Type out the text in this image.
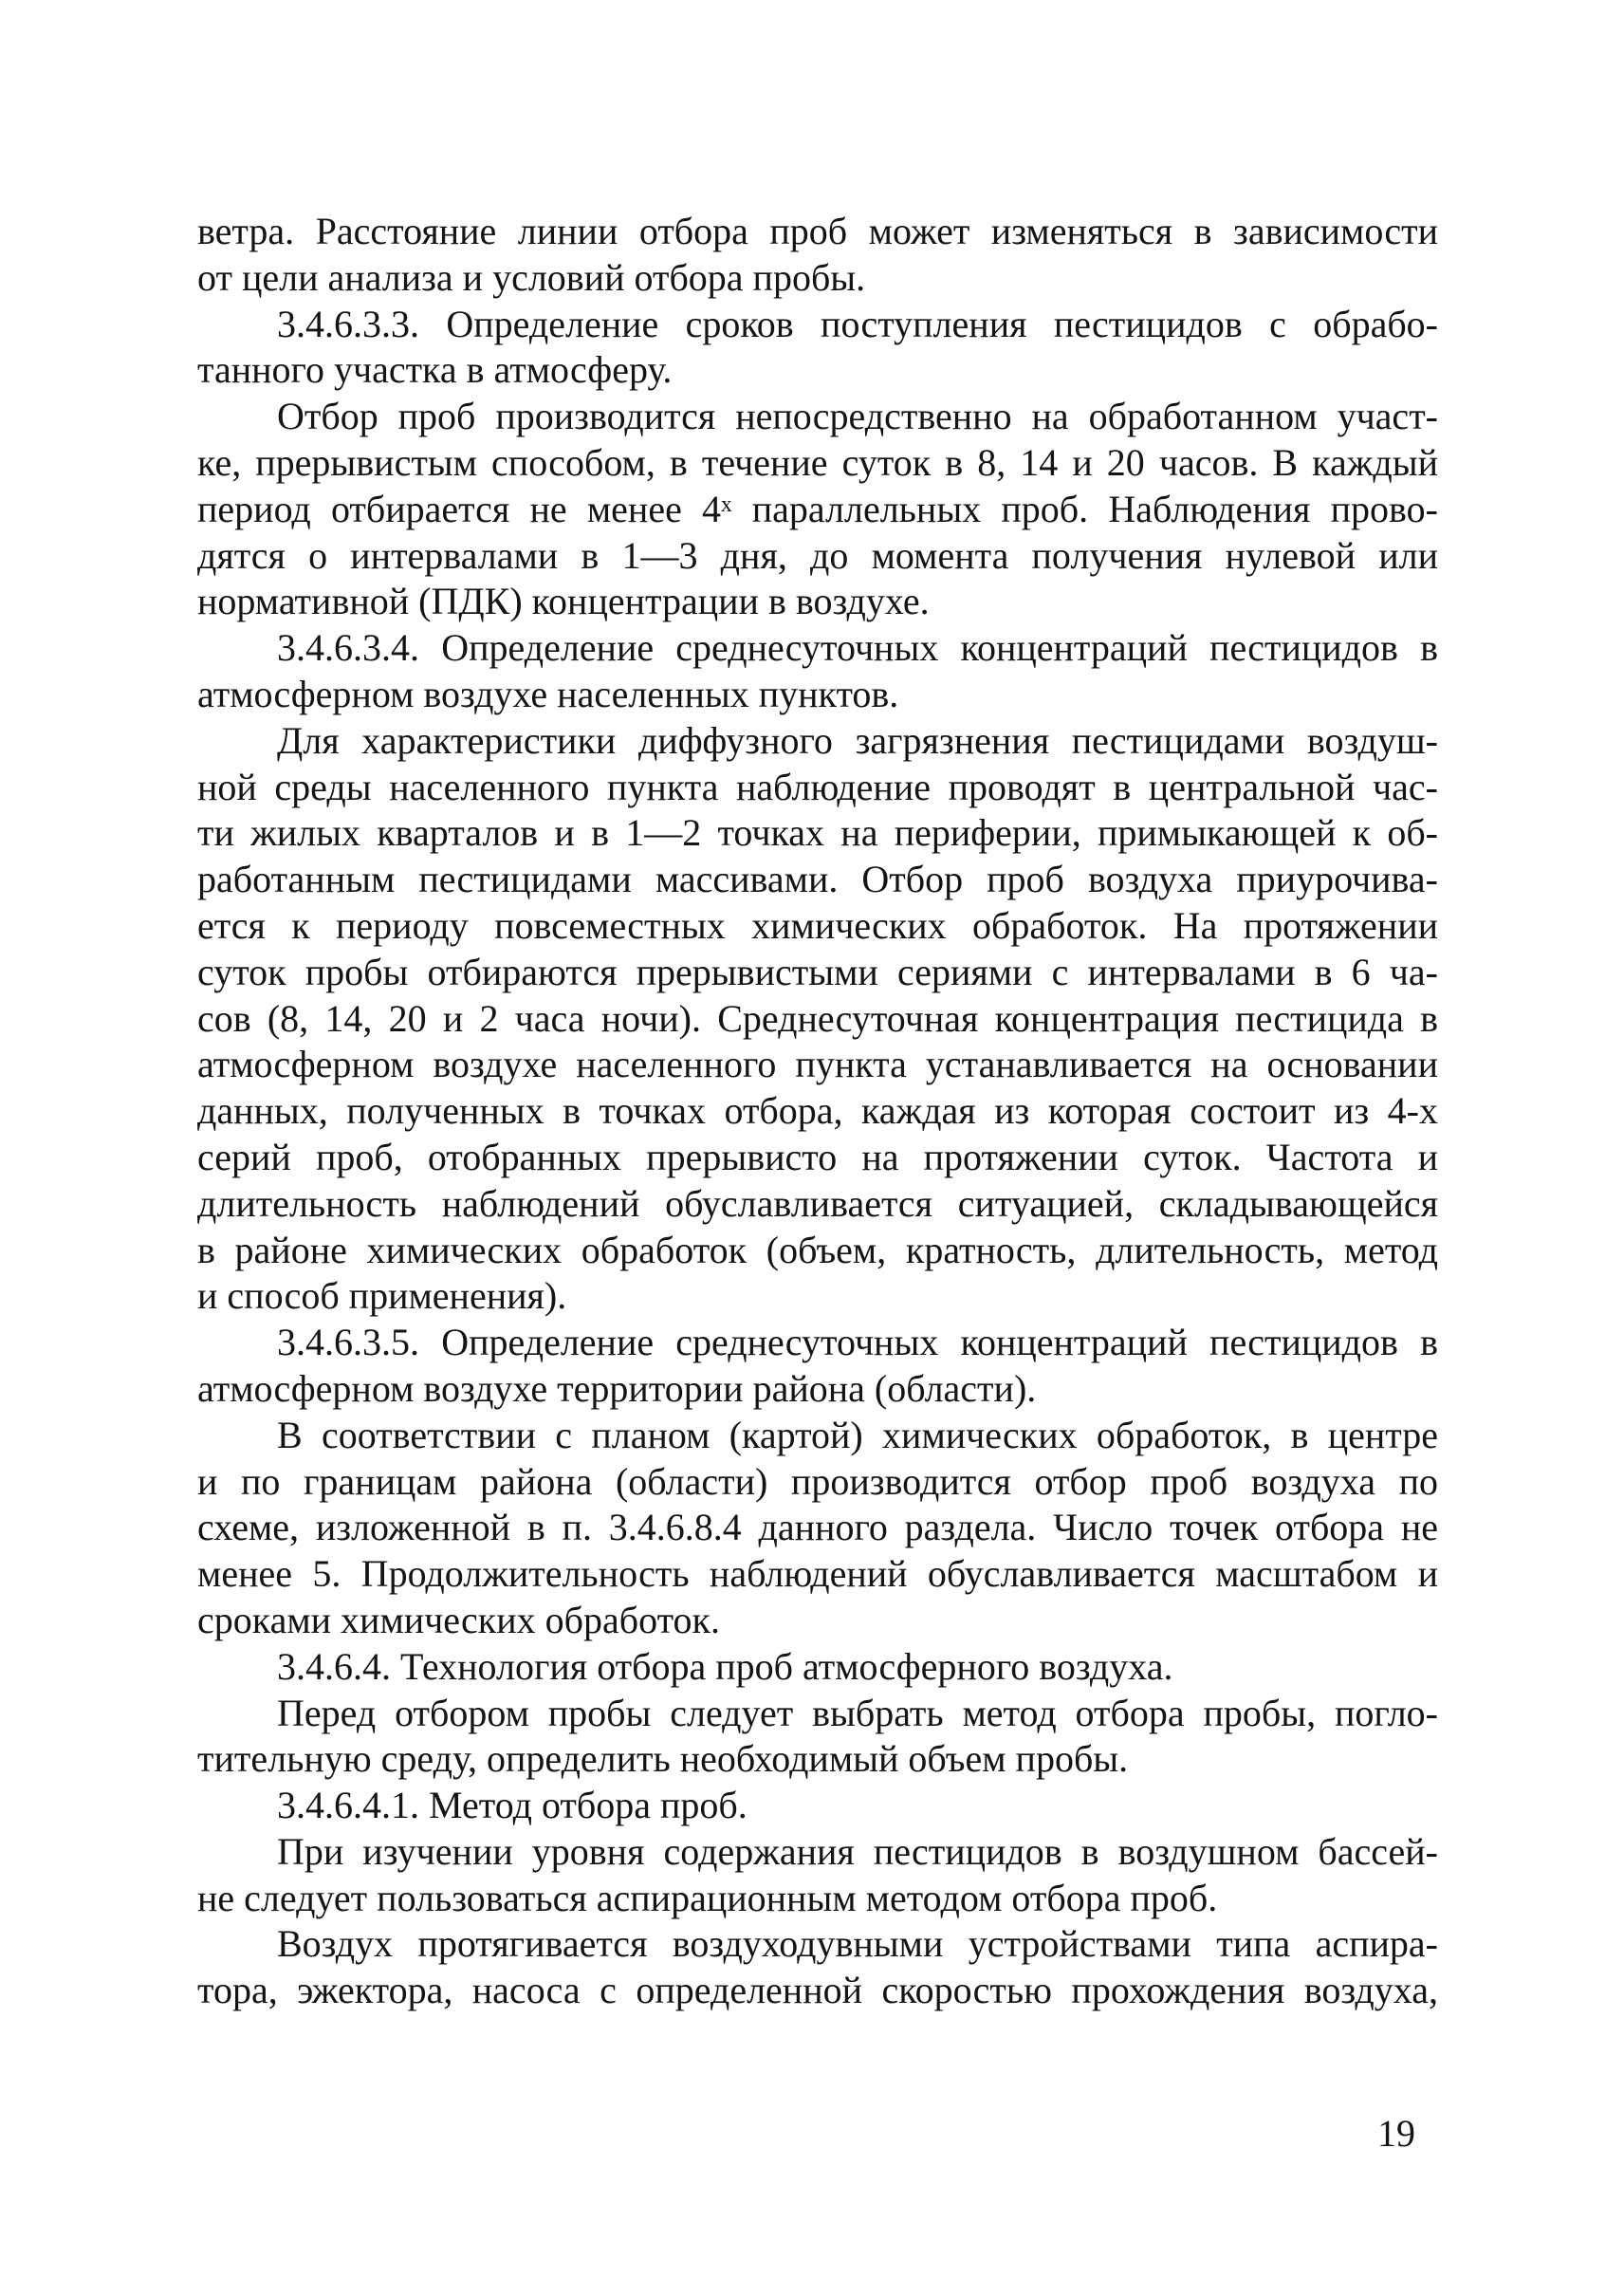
ветра. Расстояние линии отбора проб может изменяться в зависимости
от цели анализа и условий отбора пробы.
3.4.6.3.3. Определение сроков поступления пестицидов с обрабо-
танного участка в атмосферу.
Отбор проб производится непосредственно на обработанном участ-
ке, прерывистым способом, в течение суток в 8, 14 и 20 часов. В каждый
период отбирается не менее 4ˣ параллельных проб. Наблюдения прово-
дятся о интервалами в 1—3 дня, до момента получения нулевой или
нормативной (ПДК) концентрации в воздухе.
3.4.6.3.4. Определение среднесуточных концентраций пестицидов в
атмосферном воздухе населенных пунктов.
Для характеристики диффузного загрязнения пестицидами воздуш-
ной среды населенного пункта наблюдение проводят в центральной час-
ти жилых кварталов и в 1—2 точках на периферии, примыкающей к об-
работанным пестицидами массивами. Отбор проб воздуха приурочива-
ется к периоду повсеместных химических обработок. На протяжении
суток пробы отбираются прерывистыми сериями с интервалами в 6 ча-
сов (8, 14, 20 и 2 часа ночи). Среднесуточная концентрация пестицида в
атмосферном воздухе населенного пункта устанавливается на основании
данных, полученных в точках отбора, каждая из которая состоит из 4-х
серий проб, отобранных прерывисто на протяжении суток. Частота и
длительность наблюдений обуславливается ситуацией, складывающейся
в районе химических обработок (объем, кратность, длительность, метод
и способ применения).
3.4.6.3.5. Определение среднесуточных концентраций пестицидов в
атмосферном воздухе территории района (области).
В соответствии с планом (картой) химических обработок, в центре
и по границам района (области) производится отбор проб воздуха по
схеме, изложенной в п. 3.4.6.8.4 данного раздела. Число точек отбора не
менее 5. Продолжительность наблюдений обуславливается масштабом и
сроками химических обработок.
3.4.6.4. Технология отбора проб атмосферного воздуха.
Перед отбором пробы следует выбрать метод отбора пробы, погло-
тительную среду, определить необходимый объем пробы.
3.4.6.4.1. Метод отбора проб.
При изучении уровня содержания пестицидов в воздушном бассей-
не следует пользоваться аспирационным методом отбора проб.
Воздух протягивается воздуходувными устройствами типа аспира-
тора, эжектора, насоса с определенной скоростью прохождения воздуха,
19
